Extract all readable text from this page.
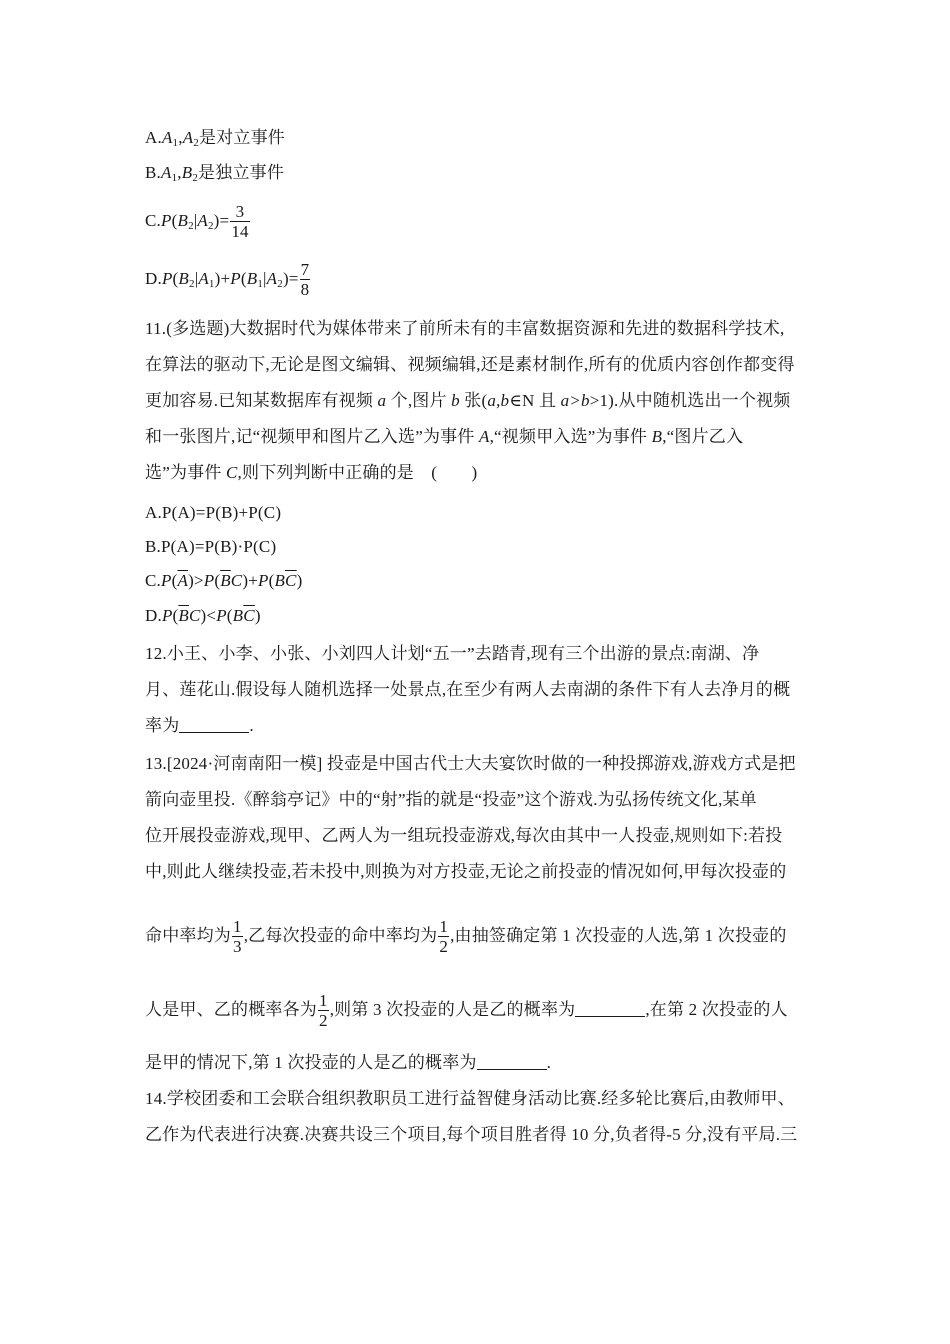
$A.A_1,A_2$是对立事件
$B.A_1,B_2$是独立事件
$C.P(B_2|A_2)= \frac{3}{14}$
$D.P(B_2|A_1)+P(B_1|A_2)= \frac{7}{8}$
11.(多选题)大数据时代为媒体带来了前所未有的丰富数据资源和先进的数据科学技术,
在算法的驱动下,无论是图文编辑、视频编辑,还是素材制作,所有的优质内容创作都变得
更加容易.已知某数据库有视频 a 个,图片 b 张(a,b∈N 且 a>b>1).从中随机选出一个视频
和一张图片,记“视频甲和图片乙入选”为事件 A,“视频甲入选”为事件 B,“图片乙入
选”为事件 C,则下列判断中正确的是　(　　)
A.P(A)=P(B)+P(C)
B.P(A)=P(B)·P(C)
$C.P(\overline{A})>P(\overline{B}C)+P(B\overline{C})$
$D.P(\overline{B}C)<P(B\overline{C})$
12.小王、小李、小张、小刘四人计划“五一”去踏青,现有三个出游的景点:南湖、净
月、莲花山.假设每人随机选择一处景点,在至少有两人去南湖的条件下有人去净月的概
率为	.
13.[2024·河南南阳一模] 投壶是中国古代士大夫宴饮时做的一种投掷游戏,游戏方式是把
箭向壶里投.《醉翁亭记》中的“射”指的就是“投壶”这个游戏.为弘扬传统文化,某单
位开展投壶游戏,现甲、乙两人为一组玩投壶游戏,每次由其中一人投壶,规则如下:若投
中,则此人继续投壶,若未投中,则换为对方投壶,无论之前投壶的情况如何,甲每次投壶的
命中率均为 $\frac{1}{3}$ ,乙每次投壶的命中率均为 $\frac{1}{2}$ ,由抽签确定第 1 次投壶的人选,第 1 次投壶的
人是甲、乙的概率各为 $\frac{1}{2}$ ,则第 3 次投壶的人是乙的概率为	,在第 2 次投壶的人
是甲的情况下,第 1 次投壶的人是乙的概率为	.
14.学校团委和工会联合组织教职员工进行益智健身活动比赛.经多轮比赛后,由教师甲、
乙作为代表进行决赛.决赛共设三个项目,每个项目胜者得 10 分,负者得-5 分,没有平局.三
